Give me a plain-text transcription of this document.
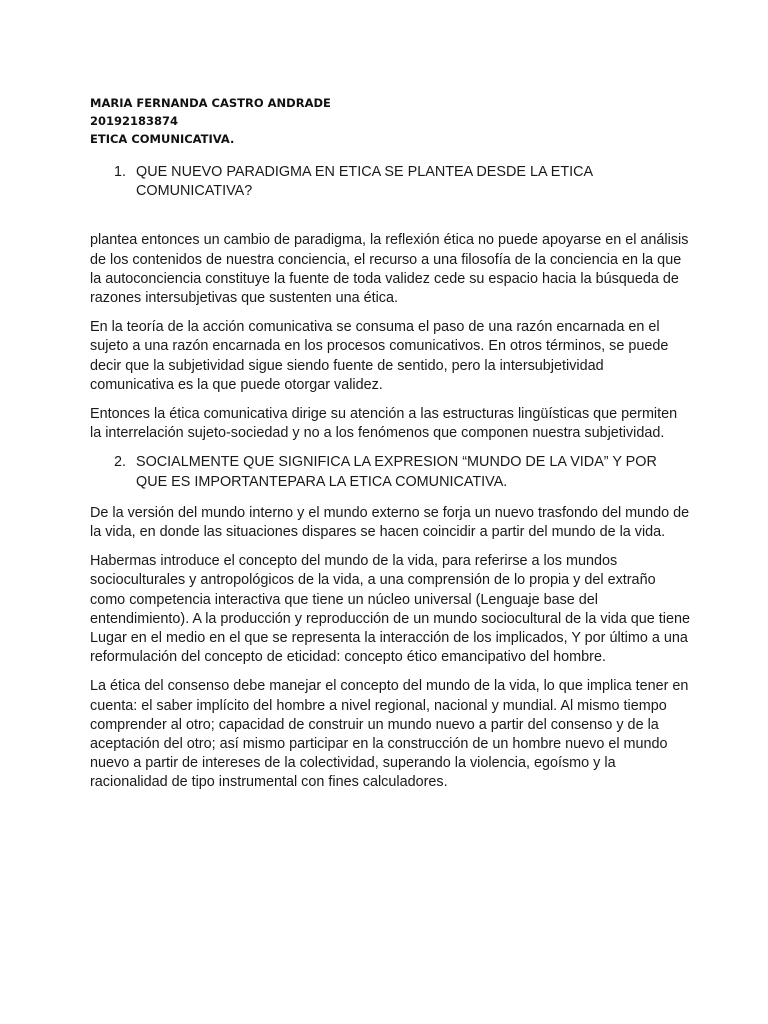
MARIA FERNANDA CASTRO ANDRADE
20192183874
ETICA COMUNICATIVA.
1. QUE NUEVO PARADIGMA EN ETICA SE PLANTEA DESDE LA ETICA COMUNICATIVA?

plantea entonces un cambio de paradigma, la reflexión ética no puede apoyarse en el análisis de los contenidos de nuestra conciencia, el recurso a una filosofía de la conciencia en la que la autoconciencia constituye la fuente de toda validez cede su espacio hacia la búsqueda de razones intersubjetivas que sustenten una ética.

En la teoría de la acción comunicativa se consuma el paso de una razón encarnada en el sujeto a una razón encarnada en los procesos comunicativos. En otros términos, se puede decir que la subjetividad sigue siendo fuente de sentido, pero la intersubjetividad comunicativa es la que puede otorgar validez.

Entonces la ética comunicativa dirige su atención a las estructuras lingüísticas que permiten la interrelación sujeto-sociedad y no a los fenómenos que componen nuestra subjetividad.

2. SOCIALMENTE QUE SIGNIFICA LA EXPRESION “MUNDO DE LA VIDA” Y POR QUE ES IMPORTANTEPARA LA ETICA COMUNICATIVA.

De la versión del mundo interno y el mundo externo se forja un nuevo trasfondo del mundo de la vida, en donde las situaciones dispares se hacen coincidir a partir del mundo de la vida.

Habermas introduce el concepto del mundo de la vida, para referirse a los mundos socioculturales y antropológicos de la vida, a una comprensión de lo propia y del extraño como competencia interactiva que tiene un núcleo universal (Lenguaje base del entendimiento). A la producción y reproducción de un mundo sociocultural de la vida que tiene Lugar en el medio en el que se representa la interacción de los implicados, Y por último a una reformulación del concepto de eticidad: concepto ético emancipativo del hombre.

La ética del consenso debe manejar el concepto del mundo de la vida, lo que implica tener en cuenta: el saber implícito del hombre a nivel regional, nacional y mundial. Al mismo tiempo comprender al otro; capacidad de construir un mundo nuevo a partir del consenso y de la aceptación del otro; así mismo participar en la construcción de un hombre nuevo el mundo nuevo a partir de intereses de la colectividad, superando la violencia, egoísmo y la racionalidad de tipo instrumental con fines calculadores.
